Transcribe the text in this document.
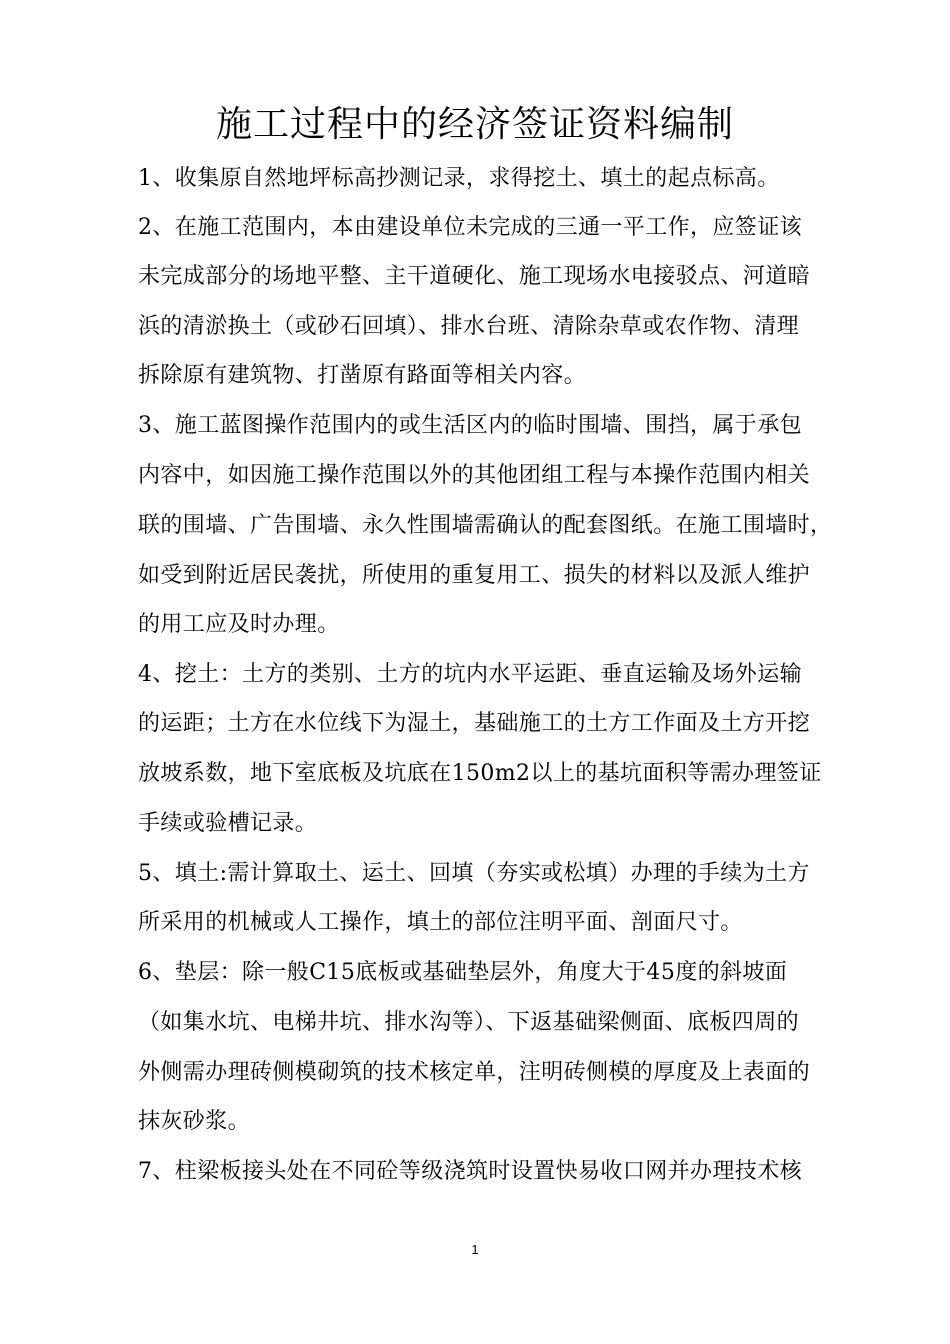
施工过程中的经济签证资料编制
1、收集原自然地坪标高抄测记录，求得挖土、填土的起点标高。
2、在施工范围内，本由建设单位未完成的三通一平工作，应签证该
未完成部分的场地平整、主干道硬化、施工现场水电接驳点、河道暗
浜的清淤换土（或砂石回填）、排水台班、清除杂草或农作物、清理
拆除原有建筑物、打凿原有路面等相关内容。
3、施工蓝图操作范围内的或生活区内的临时围墙、围挡，属于承包
内容中，如因施工操作范围以外的其他团组工程与本操作范围内相关
联的围墙、广告围墙、永久性围墙需确认的配套图纸。在施工围墙时，
如受到附近居民袭扰，所使用的重复用工、损失的材料以及派人维护
的用工应及时办理。
4、挖土：土方的类别、土方的坑内水平运距、垂直运输及场外运输
的运距；土方在水位线下为湿土，基础施工的土方工作面及土方开挖
放坡系数，地下室底板及坑底在150m2以上的基坑面积等需办理签证
手续或验槽记录。
5、填土:需计算取土、运土、回填（夯实或松填）办理的手续为土方
所采用的机械或人工操作，填土的部位注明平面、剖面尺寸。
6、垫层：除一般C15底板或基础垫层外，角度大于45度的斜坡面
（如集水坑、电梯井坑、排水沟等）、下返基础梁侧面、底板四周的
外侧需办理砖侧模砌筑的技术核定单，注明砖侧模的厚度及上表面的
抹灰砂浆。
7、柱梁板接头处在不同砼等级浇筑时设置快易收口网并办理技术核
1
